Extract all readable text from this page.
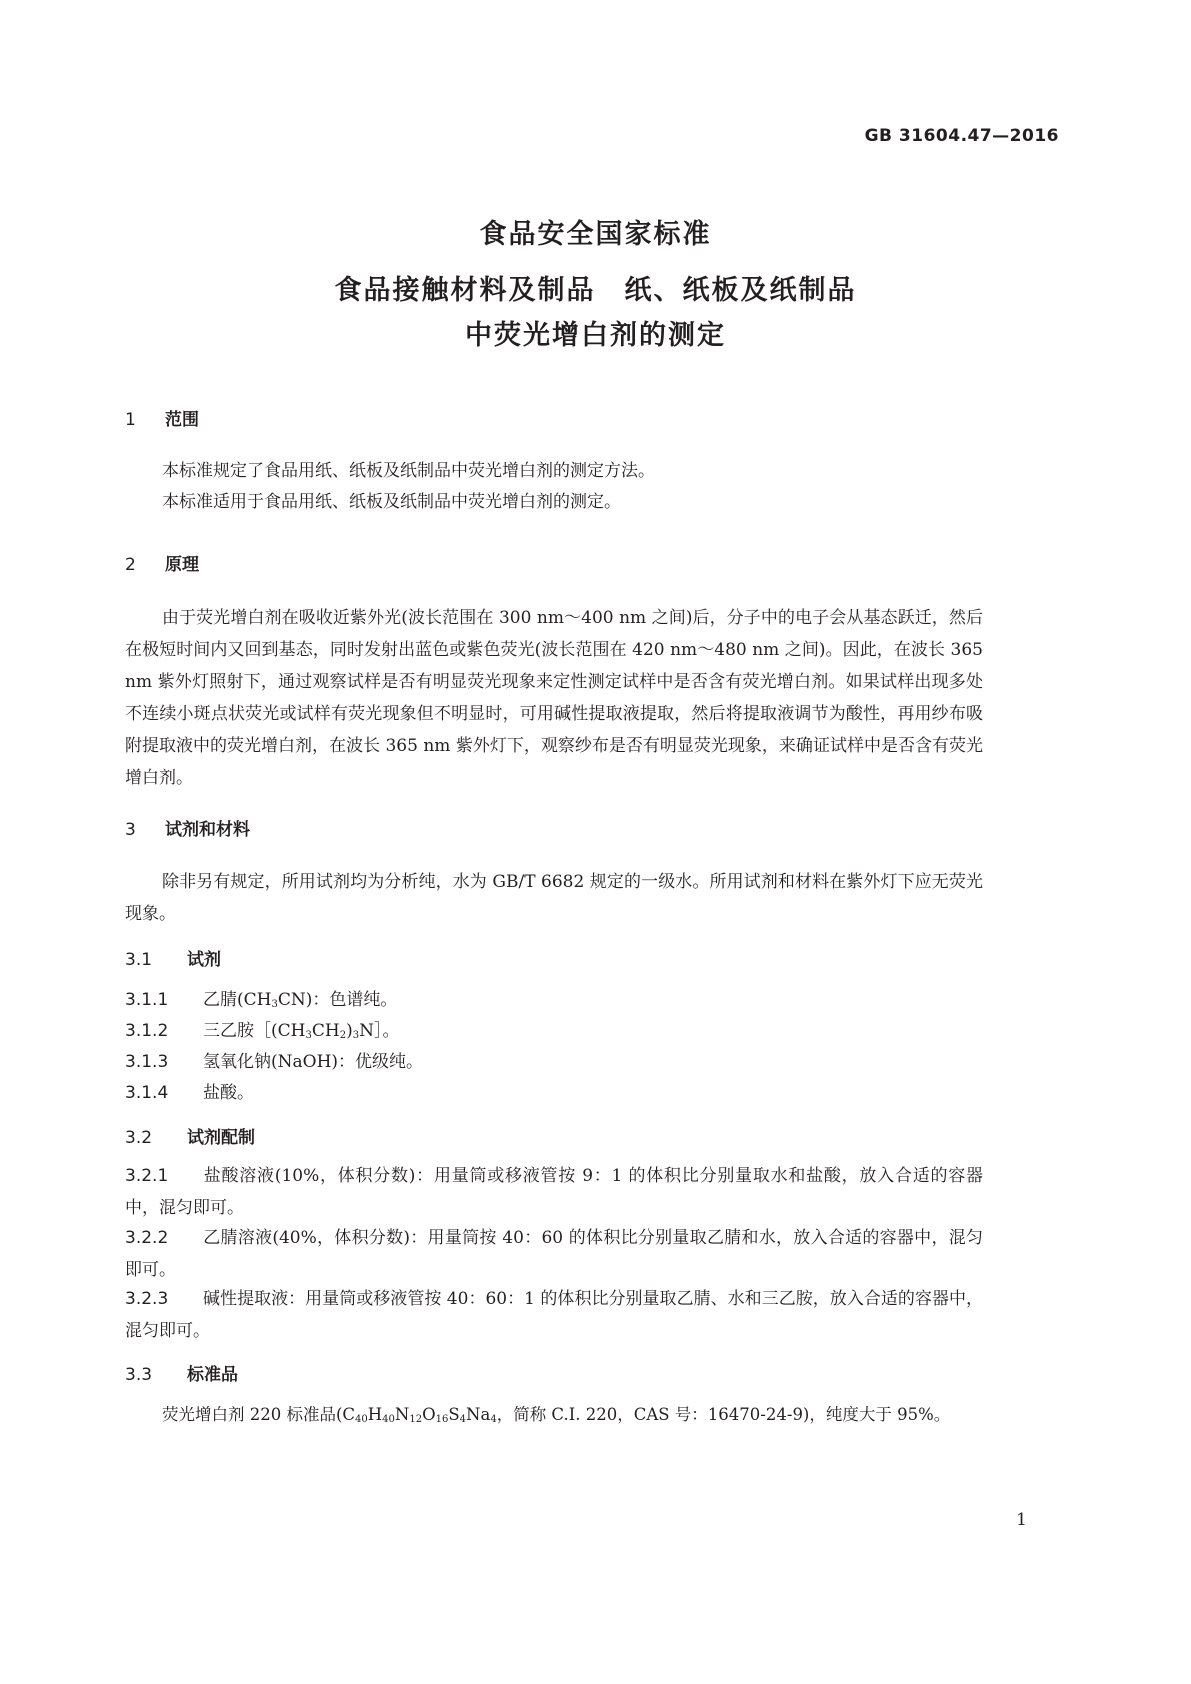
GB 31604.47—2016
食品安全国家标准
食品接触材料及制品　纸、纸板及纸制品
中荧光增白剂的测定
1 范围
本标准规定了食品用纸、纸板及纸制品中荧光增白剂的测定方法。
本标准适用于食品用纸、纸板及纸制品中荧光增白剂的测定。
2 原理
由于荧光增白剂在吸收近紫外光(波长范围在 300 nm～400 nm 之间)后，分子中的电子会从基态跃迁，然后在极短时间内又回到基态，同时发射出蓝色或紫色荧光(波长范围在 420 nm～480 nm 之间)。因此，在波长 365 nm 紫外灯照射下，通过观察试样是否有明显荧光现象来定性测定试样中是否含有荧光增白剂。如果试样出现多处不连续小斑点状荧光或试样有荧光现象但不明显时，可用碱性提取液提取，然后将提取液调节为酸性，再用纱布吸附提取液中的荧光增白剂，在波长 365 nm 紫外灯下，观察纱布是否有明显荧光现象，来确证试样中是否含有荧光增白剂。
3 试剂和材料
除非另有规定，所用试剂均为分析纯，水为 GB/T 6682 规定的一级水。所用试剂和材料在紫外灯下应无荧光现象。
3.1 试剂
3.1.1 乙腈$(CH_3CN)$：色谱纯。
3.1.2 三乙胺$[(CH_3CH_2)_3N]$。
3.1.3 氢氧化钠(NaOH)：优级纯。
3.1.4 盐酸。
3.2 试剂配制
3.2.1 盐酸溶液(10%，体积分数)：用量筒或移液管按 9：1 的体积比分别量取水和盐酸，放入合适的容器中，混匀即可。
3.2.2 乙腈溶液(40%，体积分数)：用量筒按 40：60 的体积比分别量取乙腈和水，放入合适的容器中，混匀即可。
3.2.3 碱性提取液：用量筒或移液管按 40：60：1 的体积比分别量取乙腈、水和三乙胺，放入合适的容器中，混匀即可。
3.3 标准品
荧光增白剂 220 标准品($C_{40}H_{40}N_{12}O_{16}S_4Na_4$，简称 C.I. 220，CAS 号：16470-24-9)，纯度大于 95%。
1
